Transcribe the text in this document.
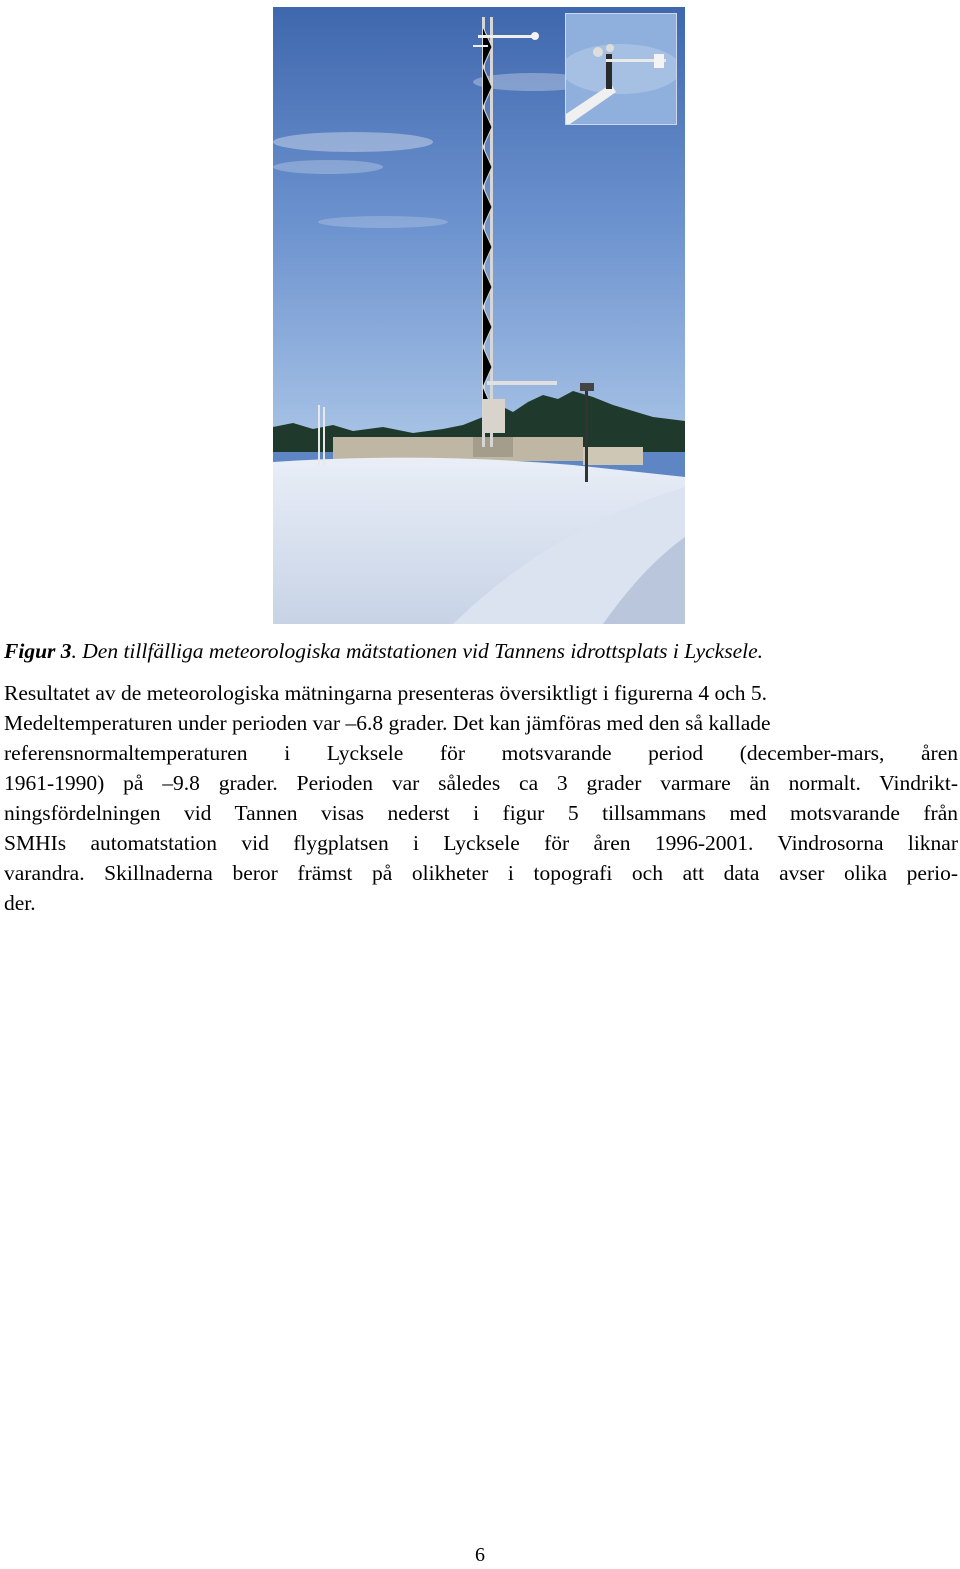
Figur 3. Den tillfälliga meteorologiska mätstationen vid Tannens idrottsplats i Lycksele.

Resultatet av de meteorologiska mätningarna presenteras översiktligt i figurerna 4 och 5.
Medeltemperaturen under perioden var –6.8 grader. Det kan jämföras med den så kallade
referensnormaltemperaturen i Lycksele för motsvarande period (december-mars, åren
1961-1990) på –9.8 grader. Perioden var således ca 3 grader varmare än normalt. Vindrikt-
ningsfördelningen vid Tannen visas nederst i figur 5 tillsammans med motsvarande från
SMHIs automatstation vid flygplatsen i Lycksele för åren 1996-2001. Vindrosorna liknar
varandra. Skillnaderna beror främst på olikheter i topografi och att data avser olika perio-
der.

6
